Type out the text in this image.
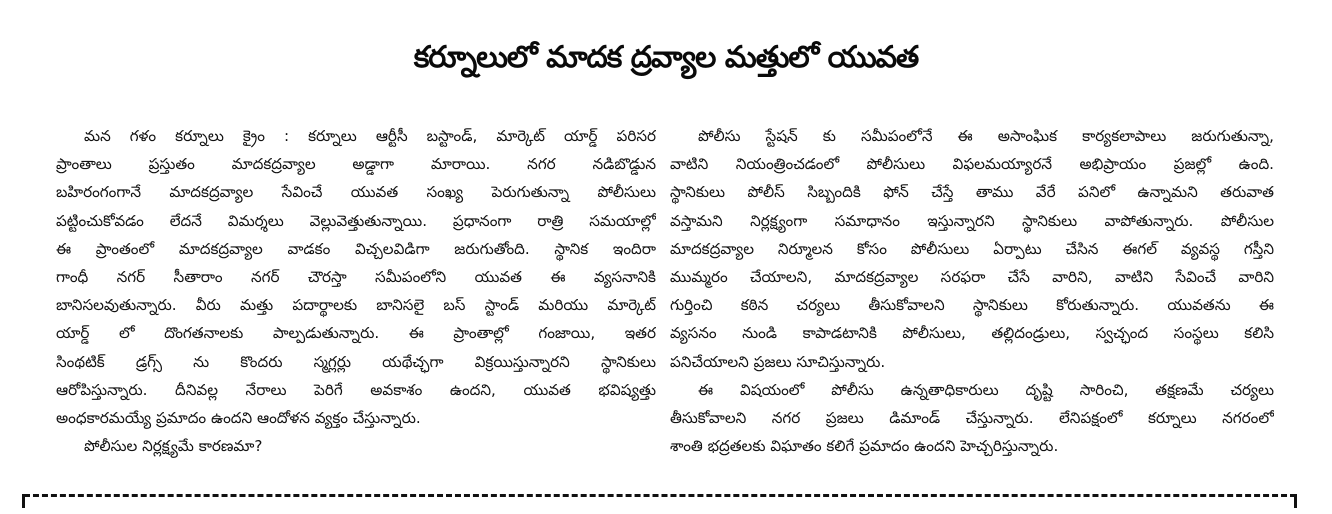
కర్నూలులో మాదక ద్రవ్యాల మత్తులో యువత
మన గళం కర్నూలు క్రైం : కర్నూలు ఆర్టీసీ బస్టాండ్, మార్కెట్ యార్డ్ పరిసర
ప్రాంతాలు ప్రస్తుతం మాదకద్రవ్యాల అడ్డాగా మారాయి. నగర నడిబొడ్డున
బహిరంగంగానే మాదకద్రవ్యాల సేవించే యువత సంఖ్య పెరుగుతున్నా పోలీసులు
పట్టించుకోవడం లేదనే విమర్శలు వెల్లువెత్తుతున్నాయి. ప్రధానంగా రాత్రి సమయాల్లో
ఈ ప్రాంతంలో మాదకద్రవ్యాల వాడకం విచ్చలవిడిగా జరుగుతోంది. స్థానిక ఇందిరా
గాంధీ నగర్ సీతారాం నగర్ చౌరస్తా సమీపంలోని యువత ఈ వ్యసనానికి
బానిసలవుతున్నారు. వీరు మత్తు పదార్థాలకు బానిసలై బస్ స్టాండ్ మరియు మార్కెట్
యార్డ్ లో దొంగతనాలకు పాల్పడుతున్నారు. ఈ ప్రాంతాల్లో గంజాయి, ఇతర
సింథటిక్ డ్రగ్స్ ను కొందరు స్మగ్లర్లు యథేచ్ఛగా విక్రయిస్తున్నారని స్థానికులు
ఆరోపిస్తున్నారు. దీనివల్ల నేరాలు పెరిగే అవకాశం ఉందని, యువత భవిష్యత్తు
అంధకారమయ్యే ప్రమాదం ఉందని ఆందోళన వ్యక్తం చేస్తున్నారు.
పోలీసుల నిర్లక్ష్యమే కారణమా?
పోలీసు స్టేషన్ కు సమీపంలోనే ఈ అసాంఘిక కార్యకలాపాలు జరుగుతున్నా,
వాటిని నియంత్రించడంలో పోలీసులు విఫలమయ్యారనే అభిప్రాయం ప్రజల్లో ఉంది.
స్థానికులు పోలీస్ సిబ్బందికి ఫోన్ చేస్తే తాము వేరే పనిలో ఉన్నామని తరువాత
వస్తామని నిర్లక్ష్యంగా సమాధానం ఇస్తున్నారని స్థానికులు వాపోతున్నారు. పోలీసుల
మాదకద్రవ్యాల నిర్మూలన కోసం పోలీసులు ఏర్పాటు చేసిన ఈగల్ వ్యవస్థ గస్తీని
ముమ్మరం చేయాలని, మాదకద్రవ్యాల సరఫరా చేసే వారిని, వాటిని సేవించే వారిని
గుర్తించి కఠిన చర్యలు తీసుకోవాలని స్థానికులు కోరుతున్నారు. యువతను ఈ
వ్యసనం నుండి కాపాడటానికి పోలీసులు, తల్లిదండ్రులు, స్వచ్ఛంద సంస్థలు కలిసి
పనిచేయాలని ప్రజలు సూచిస్తున్నారు.
ఈ విషయంలో పోలీసు ఉన్నతాధికారులు దృష్టి సారించి, తక్షణమే చర్యలు
తీసుకోవాలని నగర ప్రజలు డిమాండ్ చేస్తున్నారు. లేనిపక్షంలో కర్నూలు నగరంలో
శాంతి భద్రతలకు విఘాతం కలిగే ప్రమాదం ఉందని హెచ్చరిస్తున్నారు.
